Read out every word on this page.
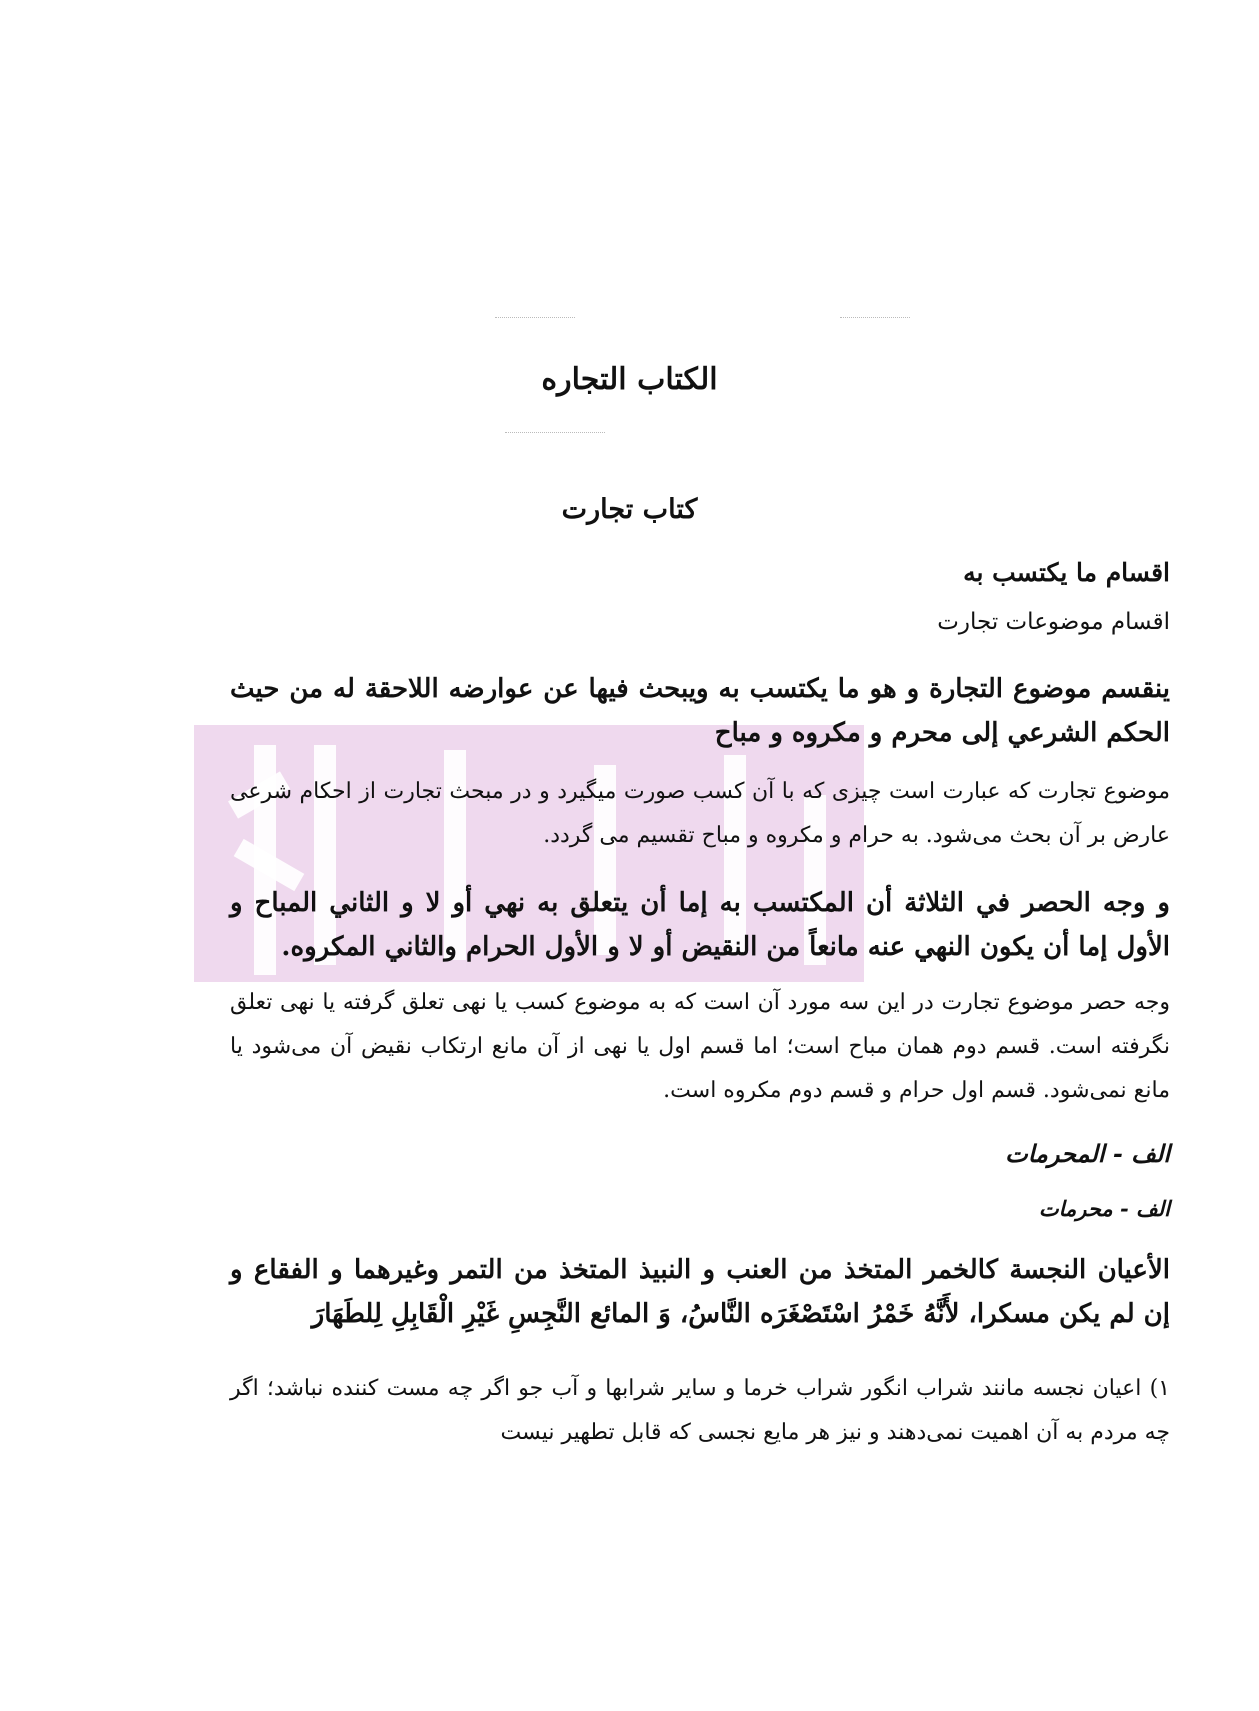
الكتاب التجاره
کتاب تجارت
اقسام ما يكتسب به
اقسام موضوعات تجارت
ينقسم موضوع التجارة و هو ما يكتسب به ويبحث فيها عن عوارضه اللاحقة له من حيث الحكم الشرعي إلى محرم و مكروه و مباح
موضوع تجارت که عبارت است چیزی که با آن کسب صورت میگیرد و در مبحث تجارت از احکام شرعی عارض بر آن بحث می‌شود. به حرام و مکروه و مباح تقسیم می گردد.
و وجه الحصر في الثلاثة أن المكتسب به إما أن يتعلق به نهي أو لا و الثاني المباح و الأول إما أن يكون النهي عنه مانعاً من النقيض أو لا و الأول الحرام والثاني المكروه.
وجه حصر موضوع تجارت در این سه مورد آن است که به موضوع کسب یا نهی تعلق گرفته یا نهی تعلق نگرفته است. قسم دوم همان مباح است؛ اما قسم اول یا نهی از آن مانع ارتکاب نقیض آن می‌شود یا مانع نمی‌شود. قسم اول حرام و قسم دوم مکروه است.
الف - المحرمات
الف - محرمات
الأعيان النجسة كالخمر المتخذ من العنب و النبيذ المتخذ من التمر وغيرهما و الفقاع و إن لم يكن مسكرا، لأَنَّهُ خَمْرُ اسْتَصْغَرَه النَّاسُ، وَ المائع النَّجِسِ غَيْرِ الْقَابِلِ لِلطَهَارَ
۱) اعیان نجسه مانند شراب انگور شراب خرما و سایر شرابها و آب جو اگر چه مست کننده نباشد؛ اگر چه مردم به آن اهمیت نمی‌دهند و نیز هر مایع نجسی که قابل تطهیر نیست
